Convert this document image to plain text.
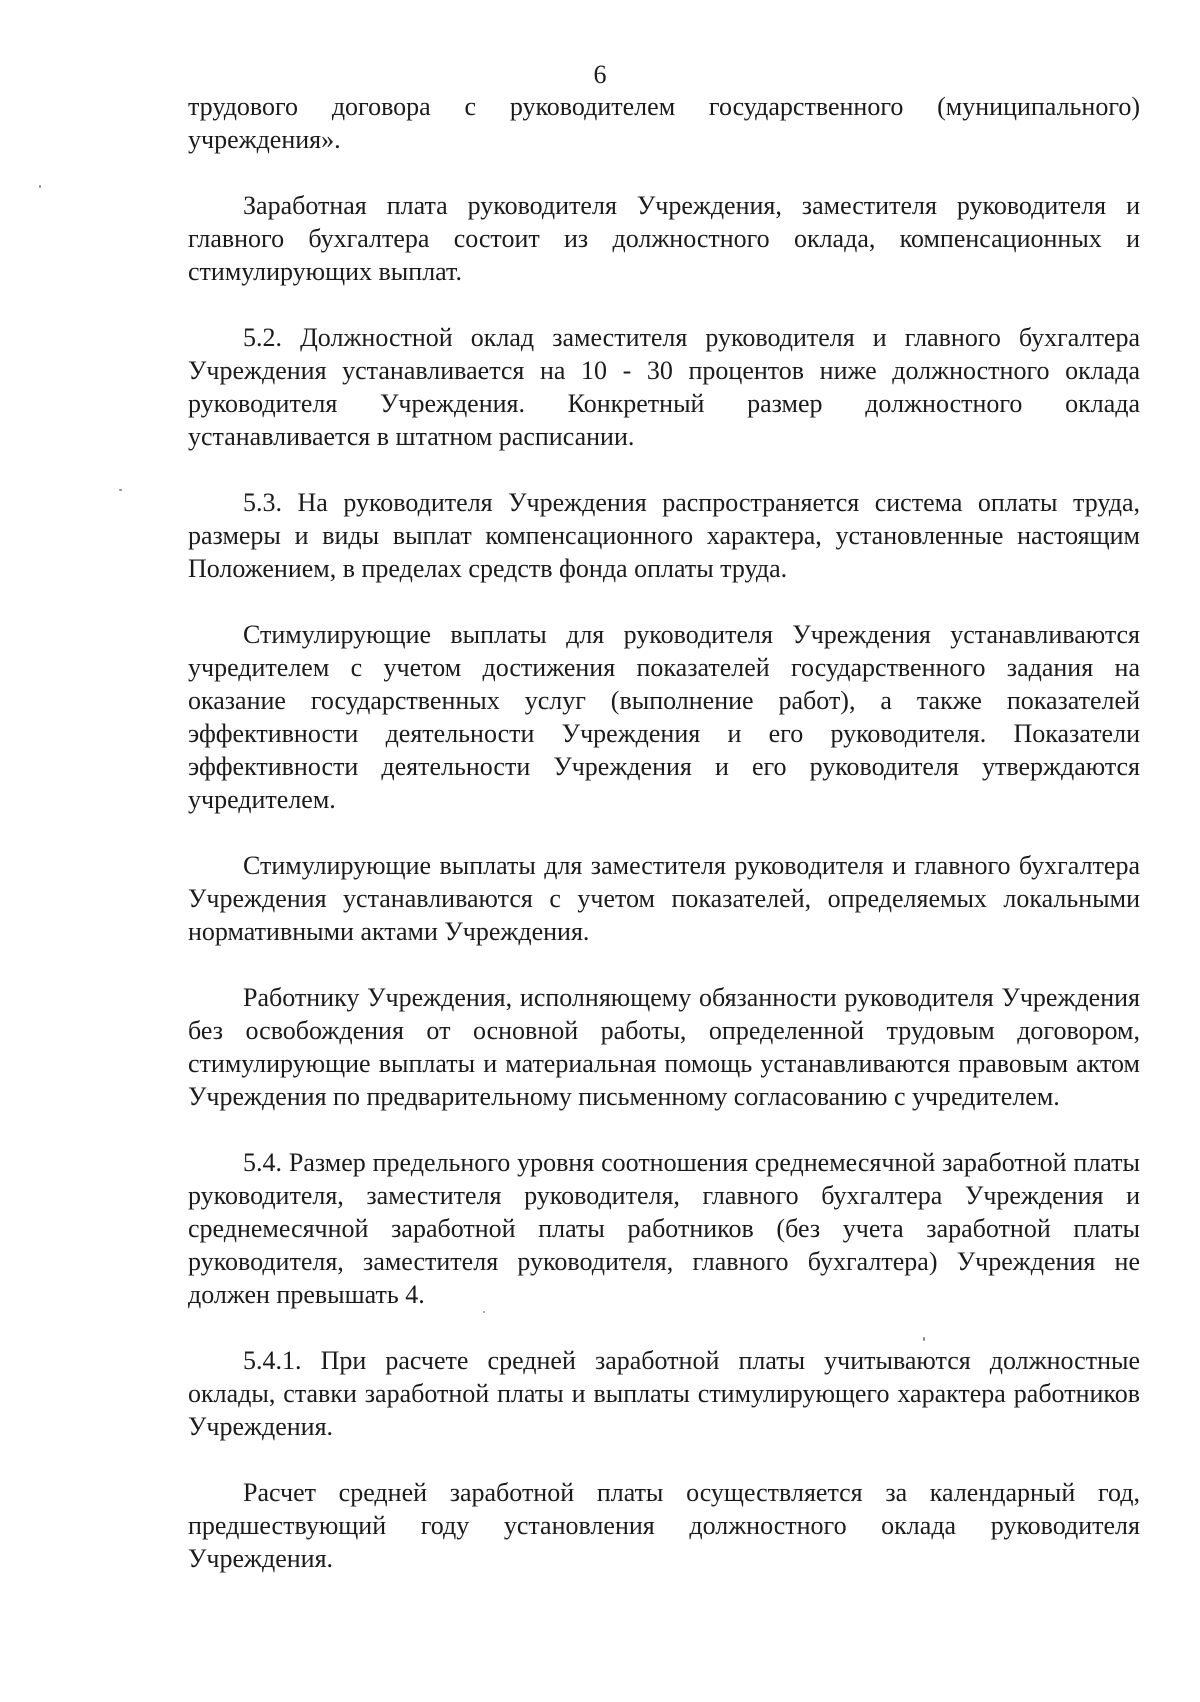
6

трудового договора с руководителем государственного (муниципального) учреждения».

Заработная плата руководителя Учреждения, заместителя руководителя и главного бухгалтера состоит из должностного оклада, компенсационных и стимулирующих выплат.

5.2. Должностной оклад заместителя руководителя и главного бухгалтера Учреждения устанавливается на 10 - 30 процентов ниже должностного оклада руководителя Учреждения. Конкретный размер должностного оклада устанавливается в штатном расписании.

5.3. На руководителя Учреждения распространяется система оплаты труда, размеры и виды выплат компенсационного характера, установленные настоящим Положением, в пределах средств фонда оплаты труда.

Стимулирующие выплаты для руководителя Учреждения устанавливаются учредителем с учетом достижения показателей государственного задания на оказание государственных услуг (выполнение работ), а также показателей эффективности деятельности Учреждения и его руководителя. Показатели эффективности деятельности Учреждения и его руководителя утверждаются учредителем.

Стимулирующие выплаты для заместителя руководителя и главного бухгалтера Учреждения устанавливаются с учетом показателей, определяемых локальными нормативными актами Учреждения.

Работнику Учреждения, исполняющему обязанности руководителя Учреждения без освобождения от основной работы, определенной трудовым договором, стимулирующие выплаты и материальная помощь устанавливаются правовым актом Учреждения по предварительному письменному согласованию с учредителем.

5.4. Размер предельного уровня соотношения среднемесячной заработной платы руководителя, заместителя руководителя, главного бухгалтера Учреждения и среднемесячной заработной платы работников (без учета заработной платы руководителя, заместителя руководителя, главного бухгалтера) Учреждения не должен превышать 4.

5.4.1. При расчете средней заработной платы учитываются должностные оклады, ставки заработной платы и выплаты стимулирующего характера работников Учреждения.

Расчет средней заработной платы осуществляется за календарный год, предшествующий году установления должностного оклада руководителя Учреждения.
